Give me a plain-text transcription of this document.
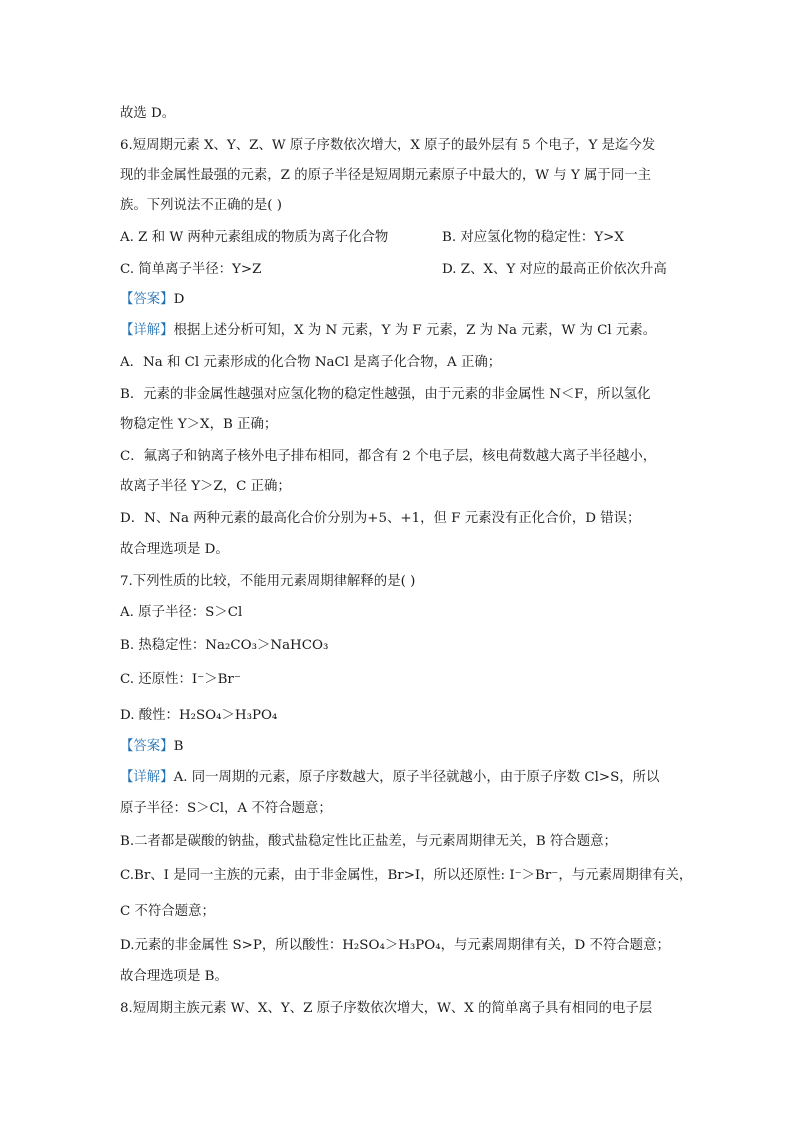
故选 D。
6.短周期元素 X、Y、Z、W 原子序数依次增大，X 原子的最外层有 5 个电子，Y 是迄今发
现的非金属性最强的元素，Z 的原子半径是短周期元素原子中最大的，W 与 Y 属于同一主
族。下列说法不正确的是( )
A. Z 和 W 两种元素组成的物质为离子化合物	B. 对应氢化物的稳定性：Y>X
C. 简单离子半径：Y>Z	D. Z、X、Y 对应的最高正价依次升高
【答案】D
【详解】根据上述分析可知，X 为 N 元素，Y 为 F 元素，Z 为 Na 元素，W 为 Cl 元素。
A．Na 和 Cl 元素形成的化合物 NaCl 是离子化合物，A 正确；
B．元素的非金属性越强对应氢化物的稳定性越强，由于元素的非金属性 N＜F，所以氢化
物稳定性 Y＞X，B 正确；
C．氟离子和钠离子核外电子排布相同，都含有 2 个电子层，核电荷数越大离子半径越小，
故离子半径 Y＞Z，C 正确；
D．N、Na 两种元素的最高化合价分别为+5、+1，但 F 元素没有正化合价，D 错误；
故合理选项是 D。
7.下列性质的比较，不能用元素周期律解释的是( )
A. 原子半径：S＞Cl
B. 热稳定性：Na₂CO₃＞NaHCO₃
C. 还原性：I⁻＞Br⁻
D. 酸性：H₂SO₄＞H₃PO₄
【答案】B
【详解】A. 同一周期的元素，原子序数越大，原子半径就越小，由于原子序数 Cl>S，所以
原子半径：S＞Cl，A 不符合题意；
B.二者都是碳酸的钠盐，酸式盐稳定性比正盐差，与元素周期律无关，B 符合题意；
C.Br、I 是同一主族的元素，由于非金属性，Br>I，所以还原性: I⁻＞Br⁻，与元素周期律有关，
C 不符合题意；
D.元素的非金属性 S>P，所以酸性：H₂SO₄＞H₃PO₄，与元素周期律有关，D 不符合题意；
故合理选项是 B。
8.短周期主族元素 W、X、Y、Z 原子序数依次增大，W、X 的简单离子具有相同的电子层
